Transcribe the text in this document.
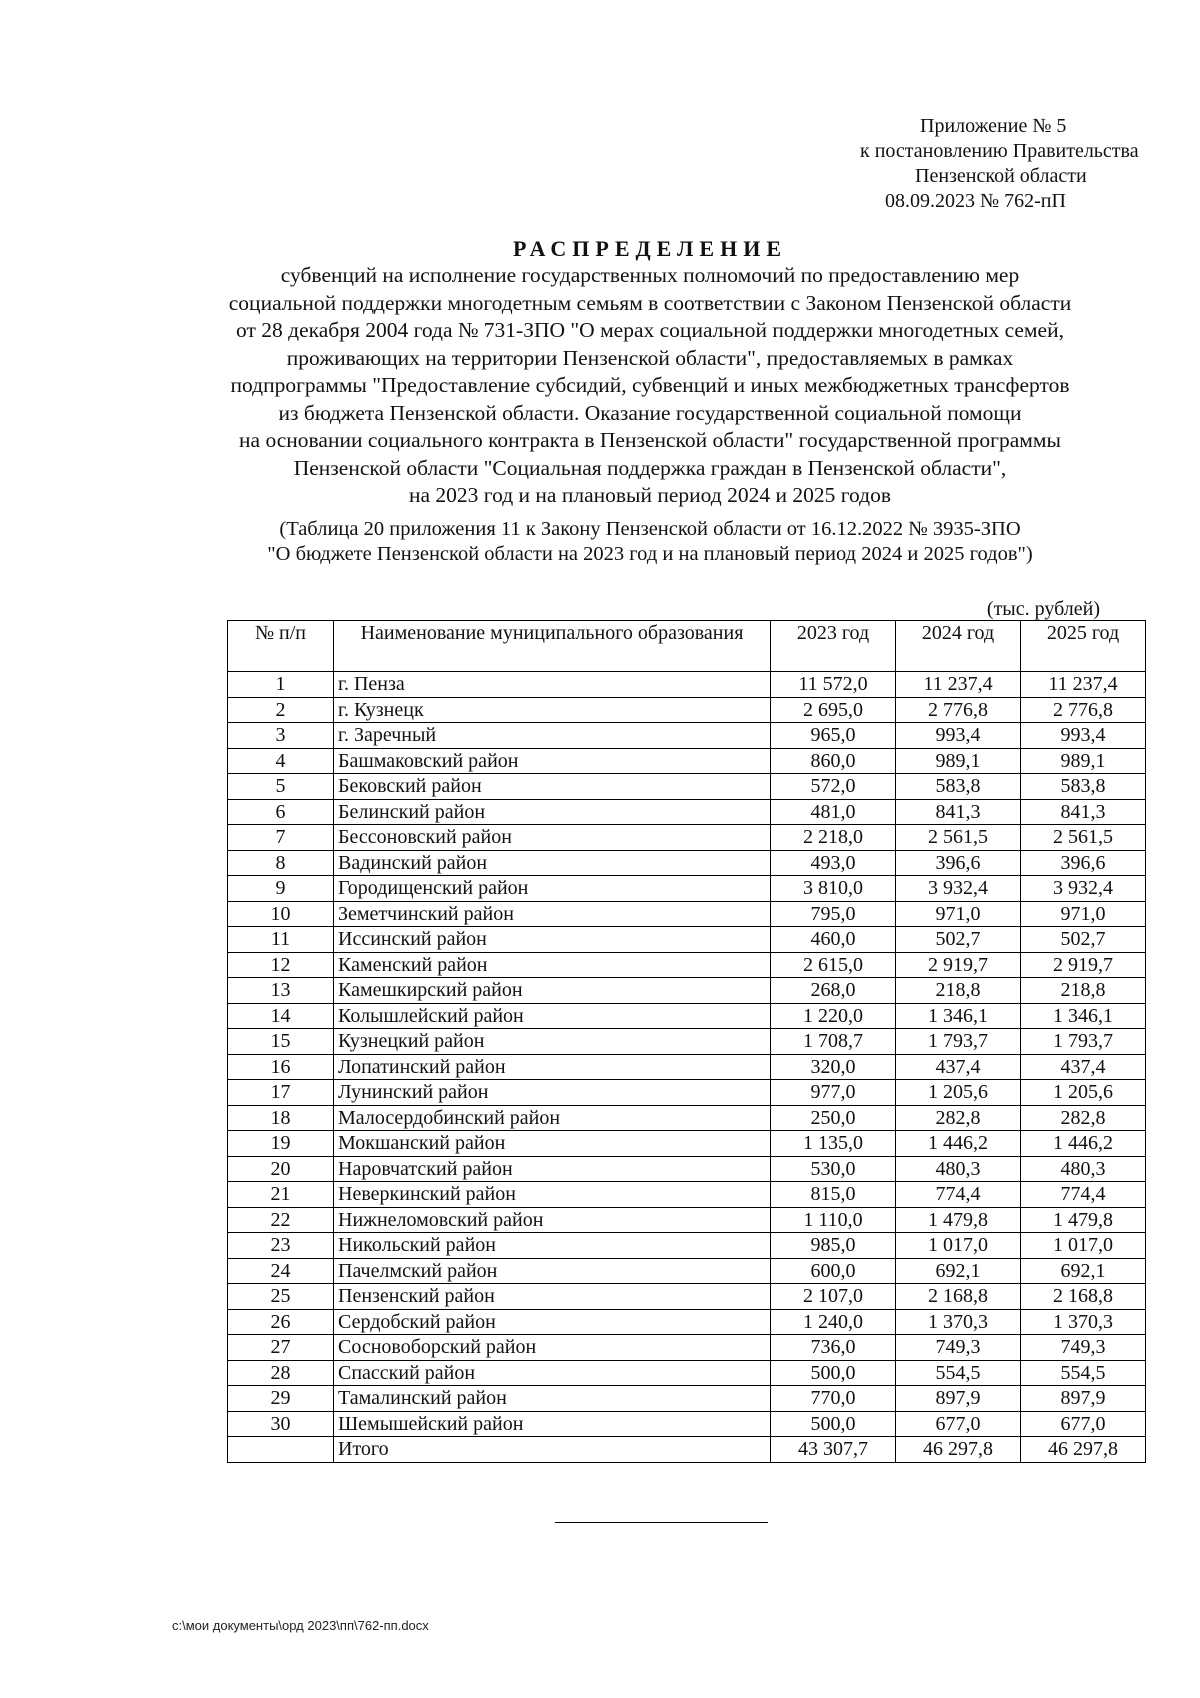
Приложение № 5
к постановлению Правительства
Пензенской области
08.09.2023 № 762-пП
РАСПРЕДЕЛЕНИЕ
субвенций на исполнение государственных полномочий по предоставлению мер
социальной поддержки многодетным семьям в соответствии с Законом Пензенской области
от 28 декабря 2004 года № 731-ЗПО "О мерах социальной поддержки многодетных семей,
проживающих на территории Пензенской области", предоставляемых в рамках
подпрограммы "Предоставление субсидий, субвенций и иных межбюджетных трансфертов
из бюджета Пензенской области. Оказание государственной социальной помощи
на основании социального контракта в Пензенской области" государственной программы
Пензенской области "Социальная поддержка граждан в Пензенской области",
на 2023 год и на плановый период 2024 и 2025 годов
(Таблица 20 приложения 11 к Закону Пензенской области от 16.12.2022 № 3935-ЗПО
"О бюджете Пензенской области на 2023 год и на плановый период 2024 и 2025 годов")
(тыс. рублей)
№ п/п	Наименование муниципального образования	2023 год	2024 год	2025 год
1	г. Пенза	11 572,0	11 237,4	11 237,4
2	г. Кузнецк	2 695,0	2 776,8	2 776,8
3	г. Заречный	965,0	993,4	993,4
4	Башмаковский район	860,0	989,1	989,1
5	Бековский район	572,0	583,8	583,8
6	Белинский район	481,0	841,3	841,3
7	Бессоновский район	2 218,0	2 561,5	2 561,5
8	Вадинский район	493,0	396,6	396,6
9	Городищенский район	3 810,0	3 932,4	3 932,4
10	Земетчинский район	795,0	971,0	971,0
11	Иссинский район	460,0	502,7	502,7
12	Каменский район	2 615,0	2 919,7	2 919,7
13	Камешкирский район	268,0	218,8	218,8
14	Колышлейский район	1 220,0	1 346,1	1 346,1
15	Кузнецкий район	1 708,7	1 793,7	1 793,7
16	Лопатинский район	320,0	437,4	437,4
17	Лунинский район	977,0	1 205,6	1 205,6
18	Малосердобинский район	250,0	282,8	282,8
19	Мокшанский район	1 135,0	1 446,2	1 446,2
20	Наровчатский район	530,0	480,3	480,3
21	Неверкинский район	815,0	774,4	774,4
22	Нижнеломовский район	1 110,0	1 479,8	1 479,8
23	Никольский район	985,0	1 017,0	1 017,0
24	Пачелмский район	600,0	692,1	692,1
25	Пензенский район	2 107,0	2 168,8	2 168,8
26	Сердобский район	1 240,0	1 370,3	1 370,3
27	Сосновоборский район	736,0	749,3	749,3
28	Спасский район	500,0	554,5	554,5
29	Тамалинский район	770,0	897,9	897,9
30	Шемышейский район	500,0	677,0	677,0
	Итого	43 307,7	46 297,8	46 297,8
c:\мои документы\орд 2023\пп\762-пп.docx
